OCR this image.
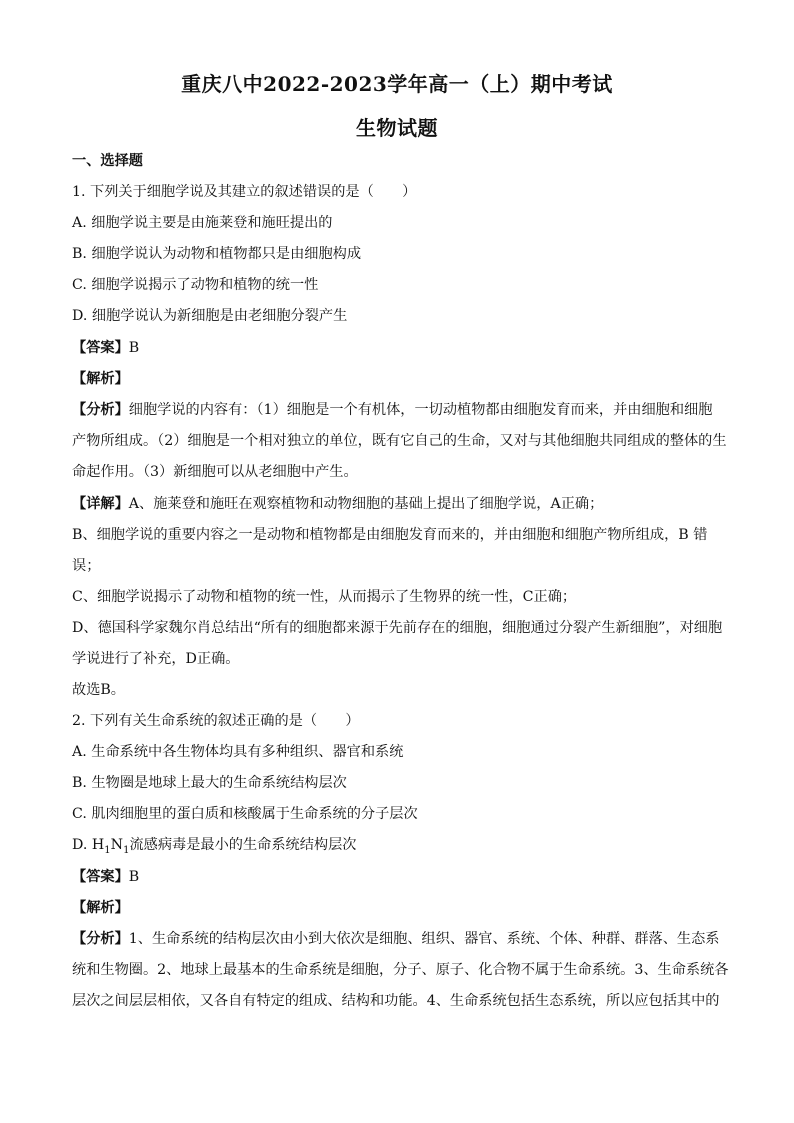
重庆八中2022-2023学年高一（上）期中考试
生物试题
一、选择题
1. 下列关于细胞学说及其建立的叙述错误的是（　　）
A. 细胞学说主要是由施莱登和施旺提出的
B. 细胞学说认为动物和植物都只是由细胞构成
C. 细胞学说揭示了动物和植物的统一性
D. 细胞学说认为新细胞是由老细胞分裂产生
【答案】B
【解析】
【分析】细胞学说的内容有：（1）细胞是一个有机体，一切动植物都由细胞发育而来，并由细胞和细胞
产物所组成。（2）细胞是一个相对独立的单位，既有它自己的生命，又对与其他细胞共同组成的整体的生
命起作用。（3）新细胞可以从老细胞中产生。
【详解】A、施莱登和施旺在观察植物和动物细胞的基础上提出了细胞学说，A正确；
B、细胞学说的重要内容之一是动物和植物都是由细胞发育而来的，并由细胞和细胞产物所组成，B 错
误；
C、细胞学说揭示了动物和植物的统一性，从而揭示了生物界的统一性，C正确；
D、德国科学家魏尔肖总结出“所有的细胞都来源于先前存在的细胞，细胞通过分裂产生新细胞”，对细胞
学说进行了补充，D正确。
故选B。
2. 下列有关生命系统的叙述正确的是（　　）
A. 生命系统中各生物体均具有多种组织、器官和系统
B. 生物圈是地球上最大的生命系统结构层次
C. 肌肉细胞里的蛋白质和核酸属于生命系统的分子层次
D. $H_1N_1$流感病毒是最小的生命系统结构层次
【答案】B
【解析】
【分析】1、生命系统的结构层次由小到大依次是细胞、组织、器官、系统、个体、种群、群落、生态系
统和生物圈。2、地球上最基本的生命系统是细胞，分子、原子、化合物不属于生命系统。3、生命系统各
层次之间层层相依，又各自有特定的组成、结构和功能。4、生命系统包括生态系统，所以应包括其中的
